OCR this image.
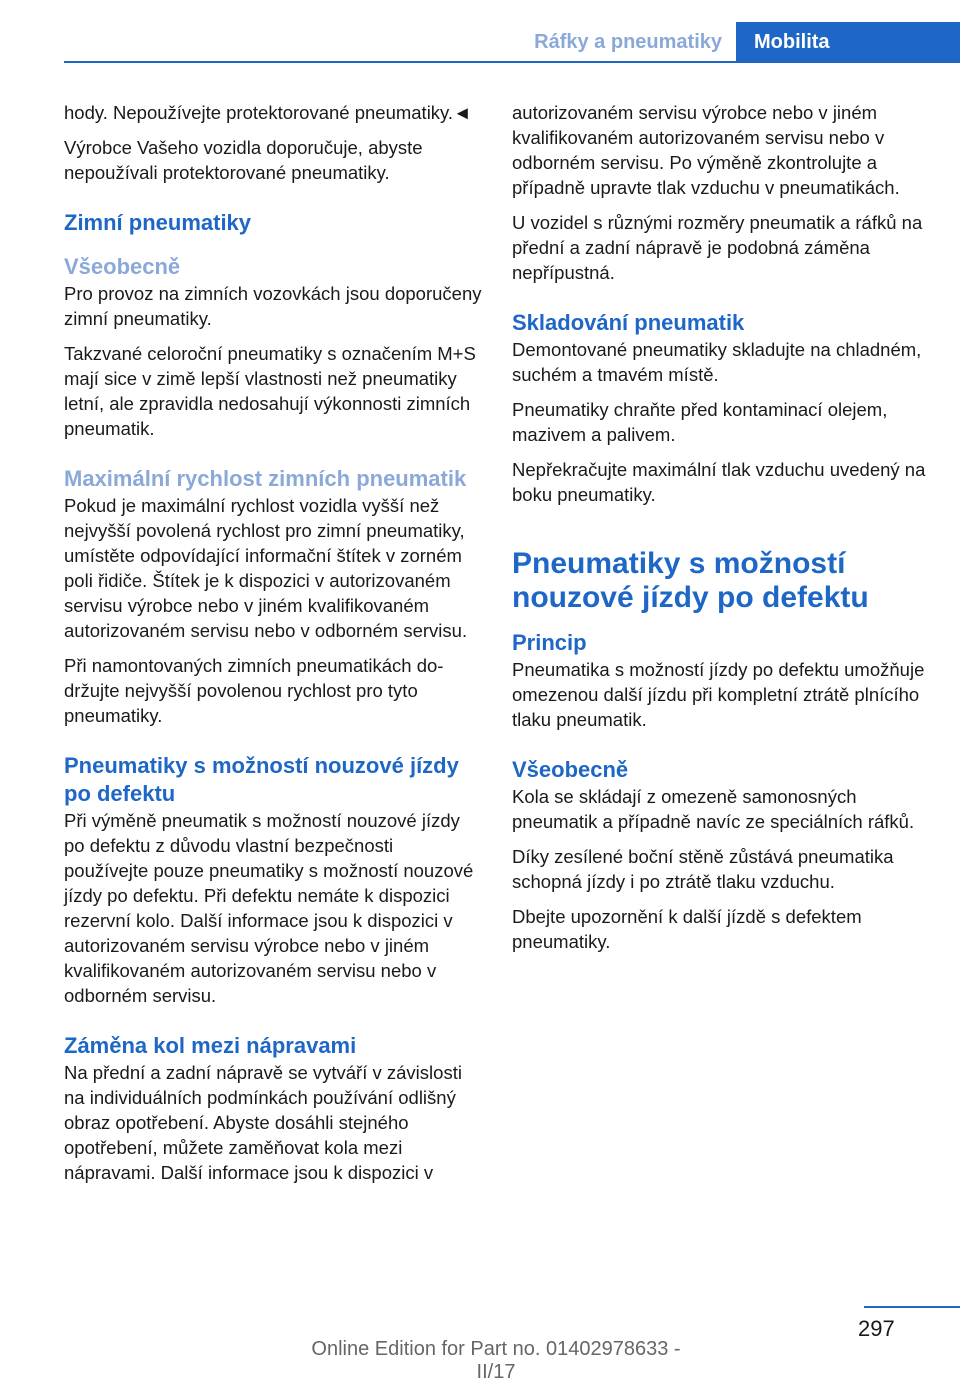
Ráfky a pneumatiky	Mobilita

hody. Nepoužívejte protektorované pneumatiky.◄

Výrobce Vašeho vozidla doporučuje, abyste nepoužívali protektorované pneumatiky.

Zimní pneumatiky
Všeobecně

Pro provoz na zimních vozovkách jsou doporučeny zimní pneumatiky.

Takzvané celoroční pneumatiky s označením M+S mají sice v zimě lepší vlastnosti než pneumatiky letní, ale zpravidla nedosahují výkonnosti zimních pneumatik.

Maximální rychlost zimních pneumatik

Pokud je maximální rychlost vozidla vyšší než nejvyšší povolená rychlost pro zimní pneumatiky, umístěte odpovídající informační štítek v zorném poli řidiče. Štítek je k dispozici v autorizovaném servisu výrobce nebo v jiném kvalifikovaném autorizovaném servisu nebo v odborném servisu.

Při namontovaných zimních pneumatikách dodržujte nejvyšší povolenou rychlost pro tyto pneumatiky.

Pneumatiky s možností nouzové jízdy po defektu

Při výměně pneumatik s možností nouzové jízdy po defektu z důvodu vlastní bezpečnosti používejte pouze pneumatiky s možností nouzové jízdy po defektu. Při defektu nemáte k dispozici rezervní kolo. Další informace jsou k dispozici v autorizovaném servisu výrobce nebo v jiném kvalifikovaném autorizovaném servisu nebo v odborném servisu.

Záměna kol mezi nápravami

Na přední a zadní nápravě se vytváří v závislosti na individuálních podmínkách používání odlišný obraz opotřebení. Abyste dosáhli stejného opotřebení, můžete zaměňovat kola mezi nápravami. Další informace jsou k dispozici v

autorizovaném servisu výrobce nebo v jiném kvalifikovaném autorizovaném servisu nebo v odborném servisu. Po výměně zkontrolujte a případně upravte tlak vzduchu v pneumatikách.

U vozidel s různými rozměry pneumatik a ráfků na přední a zadní nápravě je podobná záměna nepřípustná.

Skladování pneumatik

Demontované pneumatiky skladujte na chladném, suchém a tmavém místě.

Pneumatiky chraňte před kontaminací olejem, mazivem a palivem.

Nepřekračujte maximální tlak vzduchu uvedený na boku pneumatiky.

Pneumatiky s možností nouzové jízdy po defektu
Princip

Pneumatika s možností jízdy po defektu umožňuje omezenou další jízdu při kompletní ztrátě plnícího tlaku pneumatik.

Všeobecně

Kola se skládají z omezeně samonosných pneumatik a případně navíc ze speciálních ráfků.

Díky zesílené boční stěně zůstává pneumatika schopná jízdy i po ztrátě tlaku vzduchu.

Dbejte upozornění k další jízdě s defektem pneumatiky.

297
Online Edition for Part no. 01402978633 - II/17
